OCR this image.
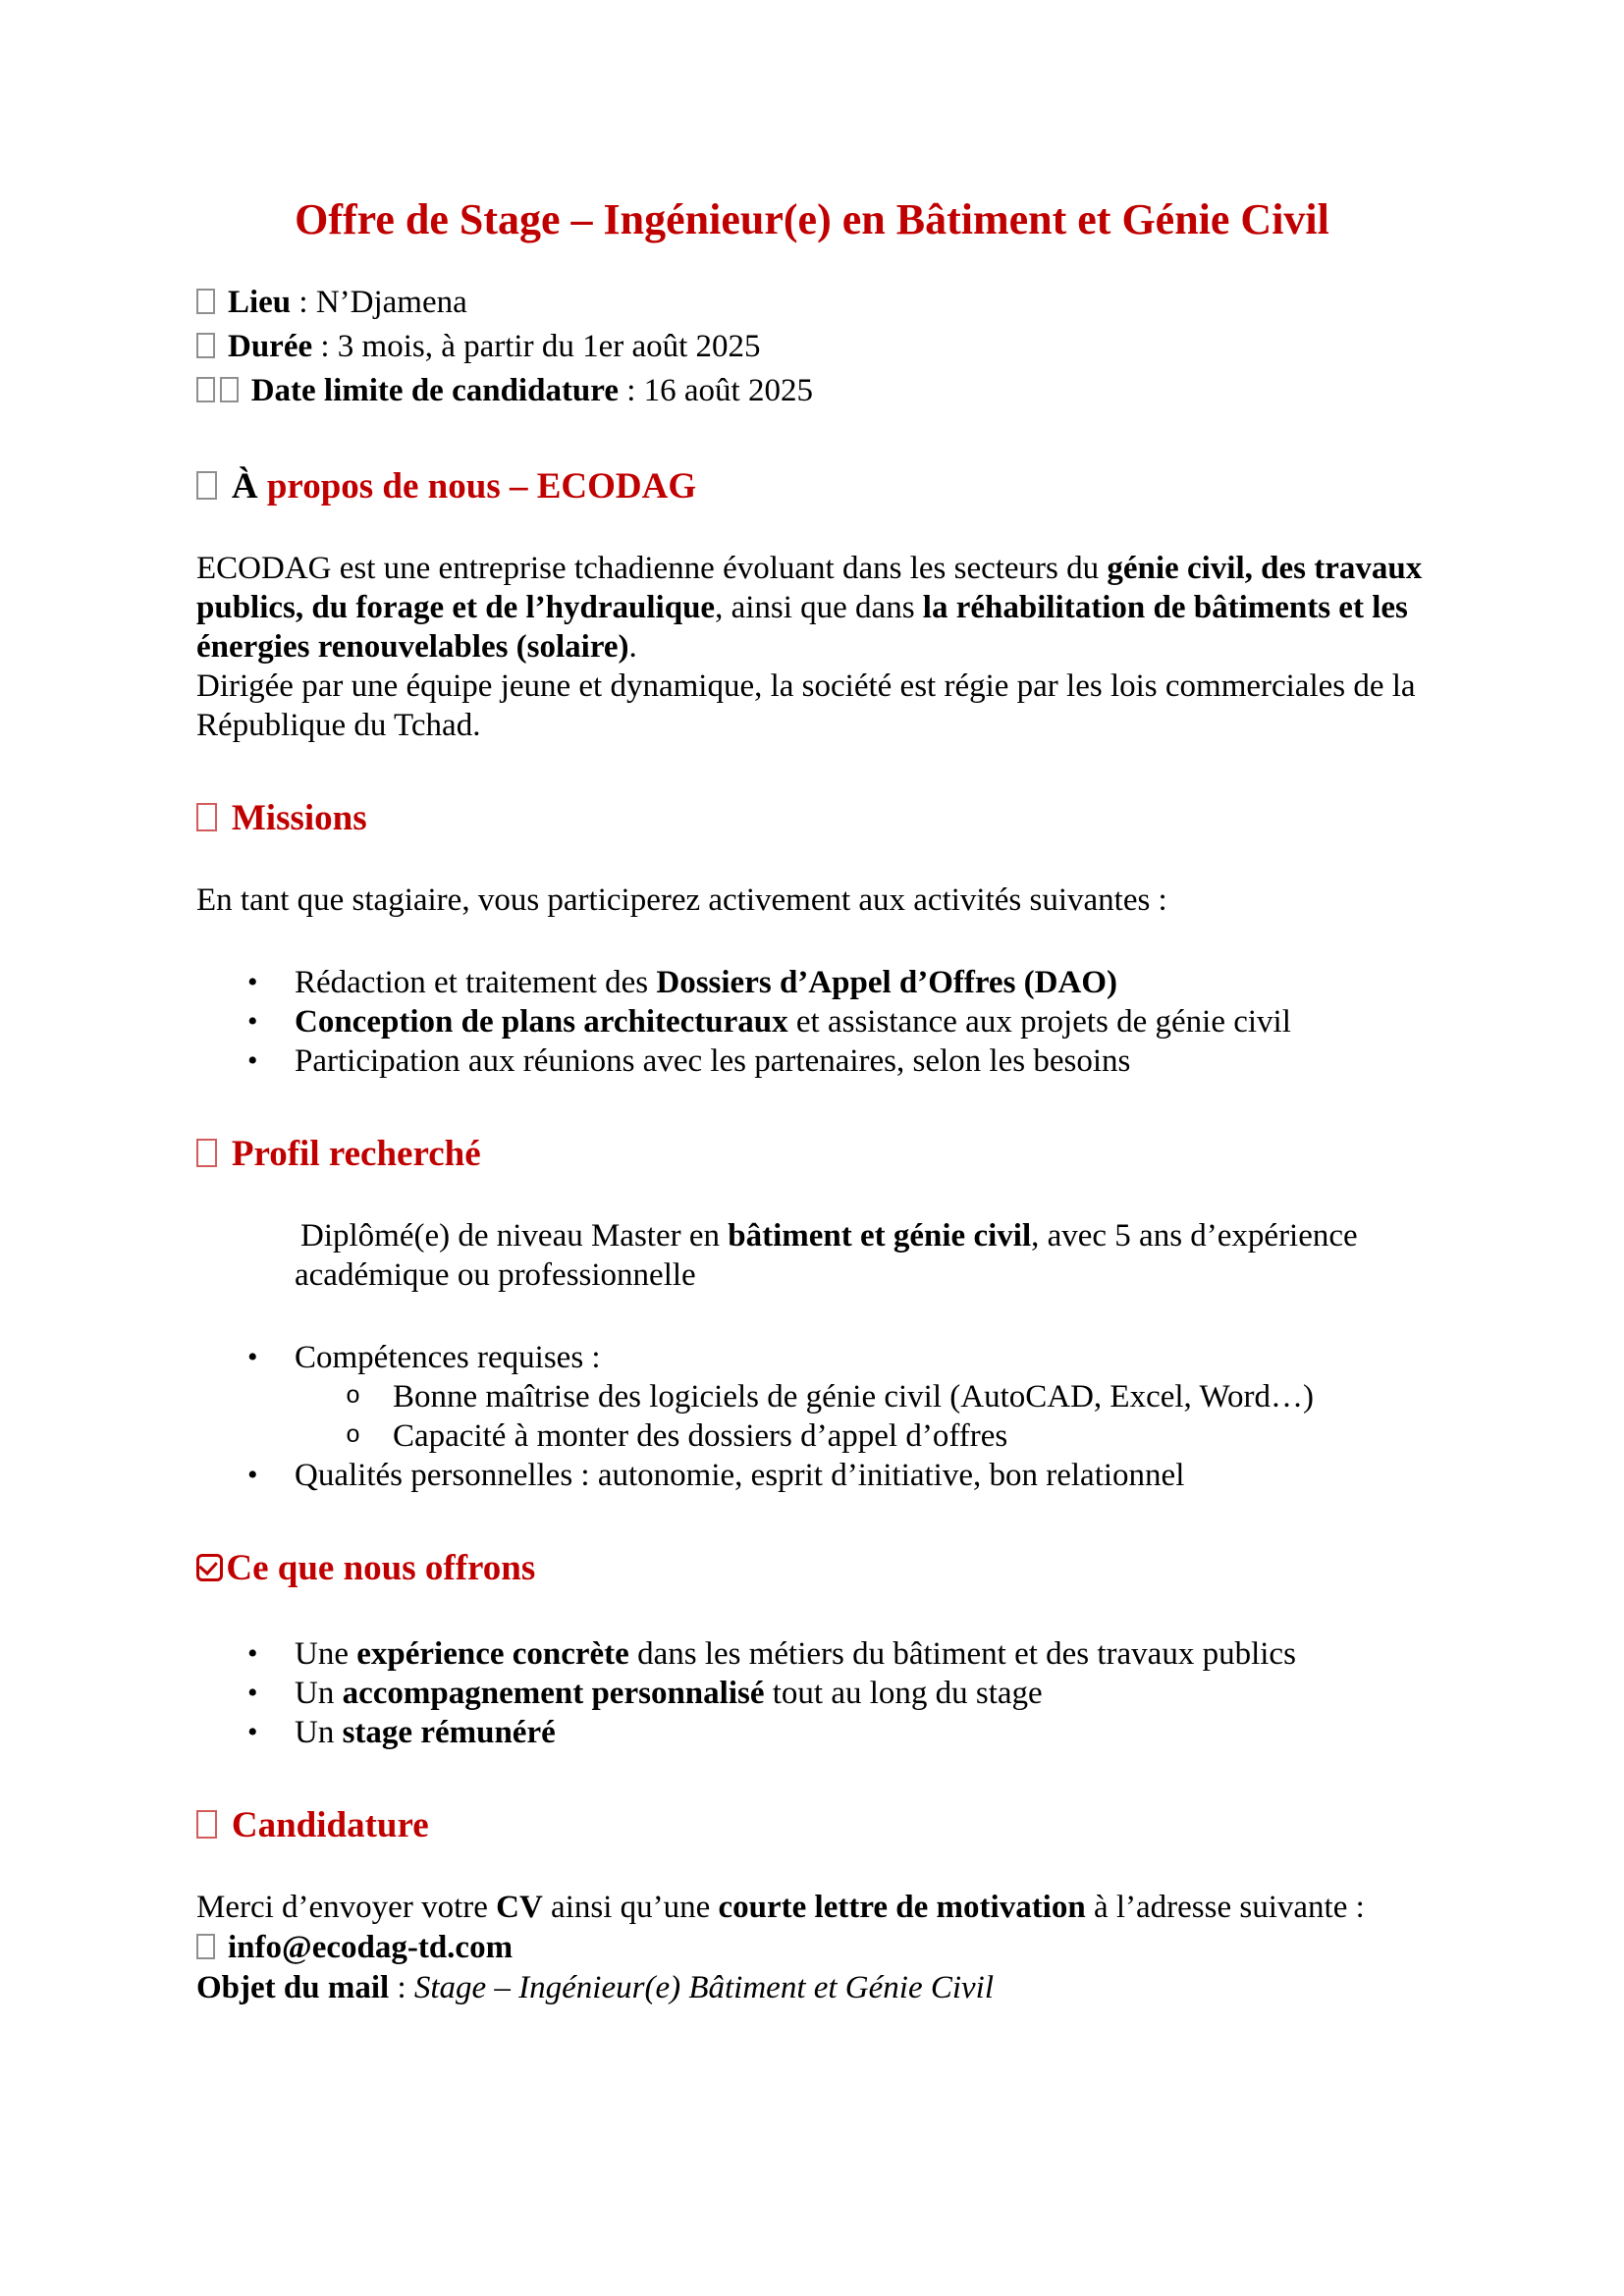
Offre de Stage – Ingénieur(e) en Bâtiment et Génie Civil

Lieu : N’Djamena

Durée : 3 mois, à partir du 1er août 2025

Date limite de candidature : 16 août 2025

À propos de nous – ECODAG

ECODAG est une entreprise tchadienne évoluant dans les secteurs du génie civil, des travaux publics, du forage et de l’hydraulique, ainsi que dans la réhabilitation de bâtiments et les énergies renouvelables (solaire).

Dirigée par une équipe jeune et dynamique, la société est régie par les lois commerciales de la République du Tchad.

Missions

En tant que stagiaire, vous participerez activement aux activités suivantes :

•	Rédaction et traitement des Dossiers d’Appel d’Offres (DAO)
•	Conception de plans architecturaux et assistance aux projets de génie civil
•	Participation aux réunions avec les partenaires, selon les besoins
Profil recherché

Diplômé(e) de niveau Master en bâtiment et génie civil, avec 5 ans d’expérience académique ou professionnelle

•	Compétences requises :
o Bonne maîtrise des logiciels de génie civil (AutoCAD, Excel, Word…)
o Capacité à monter des dossiers d’appel d’offres
•	Qualités personnelles : autonomie, esprit d’initiative, bon relationnel
Ce que nous offrons
•	Une expérience concrète dans les métiers du bâtiment et des travaux publics
•	Un accompagnement personnalisé tout au long du stage
•	Un stage rémunéré
Candidature

Merci d’envoyer votre CV ainsi qu’une courte lettre de motivation à l’adresse suivante :

info@ecodag-td.com

Objet du mail : Stage – Ingénieur(e) Bâtiment et Génie Civil
